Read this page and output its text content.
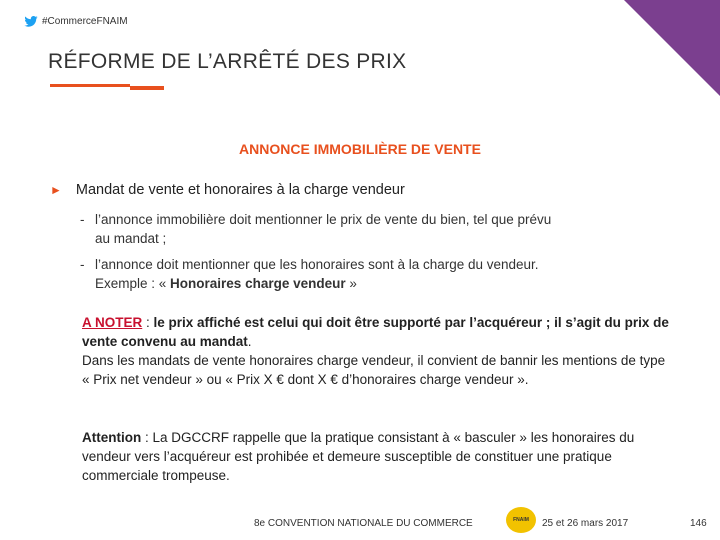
#CommerceFNAIM
RÉFORME DE L’ARRÊTÉ DES PRIX
ANNONCE IMMOBILIÈRE DE VENTE
► Mandat de vente et honoraires à la charge vendeur
- l’annonce immobilière doit mentionner le prix de vente du bien, tel que prévu
au mandat ;
- l’annonce doit mentionner que les honoraires sont à la charge du vendeur.
Exemple : « Honoraires charge vendeur »
A NOTER : le prix affiché est celui qui doit être supporté par l’acquéreur ; il s’agit du prix de vente convenu au mandat.
Dans les mandats de vente honoraires charge vendeur, il convient de bannir les mentions de type « Prix net vendeur » ou « Prix X € dont X € d’honoraires charge vendeur ».
Attention : La DGCCRF rappelle que la pratique consistant à « basculer » les honoraires du vendeur vers l’acquéreur est prohibée et demeure susceptible de constituer une pratique commerciale trompeuse.
8e CONVENTION NATIONALE DU COMMERCE	FNAIM 25 et 26 mars 2017	146
